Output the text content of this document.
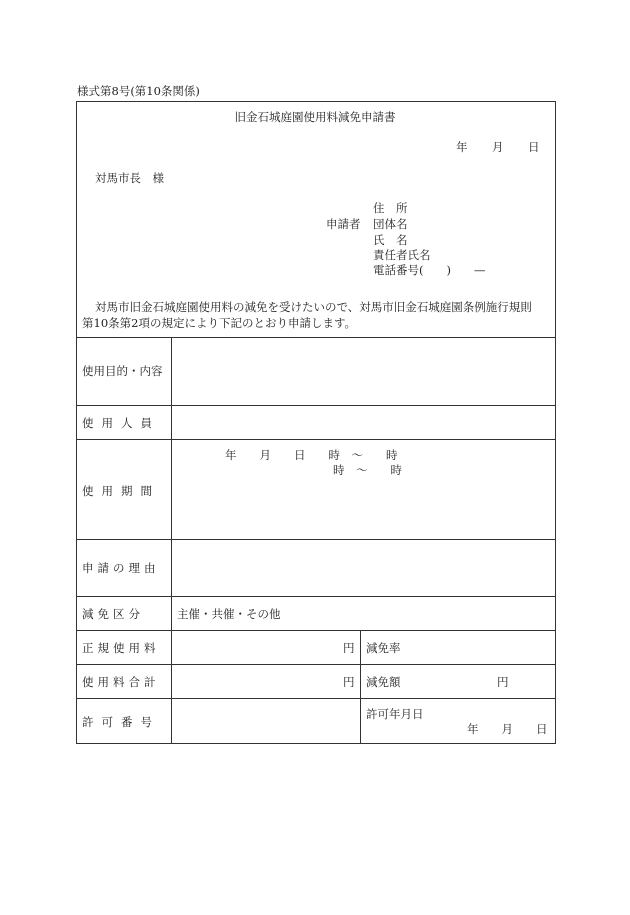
様式第8号(第10条関係)
旧金石城庭園使用料減免申請書
年 月 日
対馬市長　様
申請者
住　所
団体名
氏　名
責任者氏名
電話番号(　　)　　—
対馬市旧金石城庭園使用料の減免を受けたいので、対馬市旧金石城庭園条例施行規則
第10条第2項の規定により下記のとおり申請します。
使用目的・内容
使用人員
使用期間
申請の理由
減免区分
正規使用料
使用料合計
許可番号
年　　月　　日　　時　～　　時
時　～　　時
主催・共催・その他
円 減免率
円 減免額	円
許可年月日
年　　月　　日
